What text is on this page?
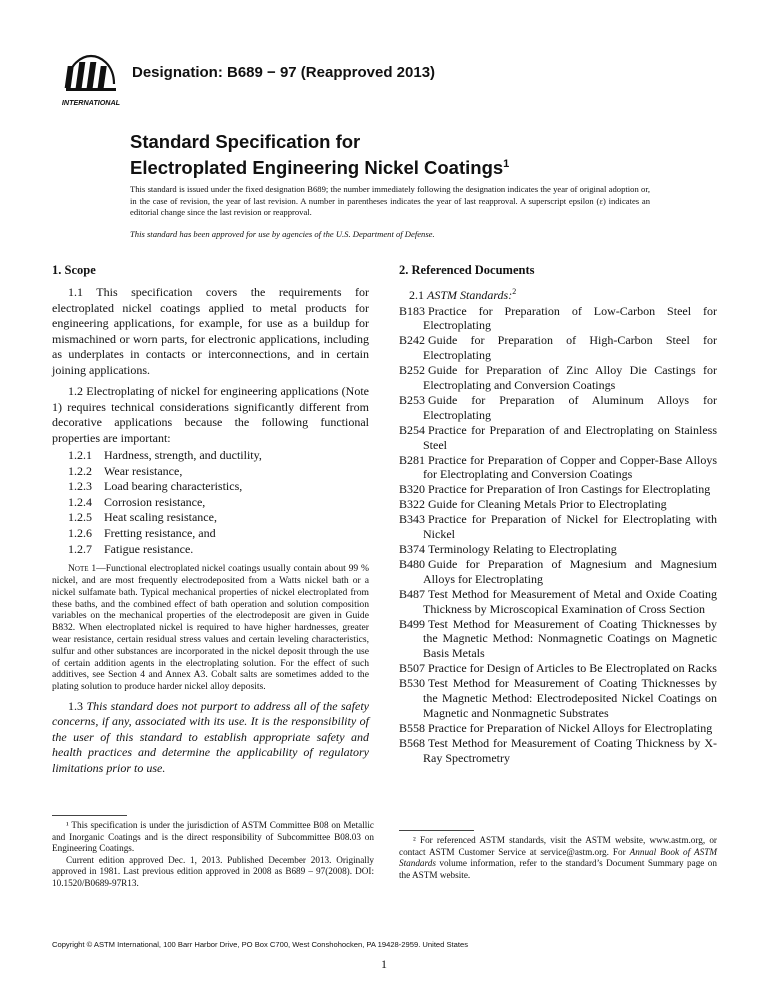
INTERNATIONAL
Designation: B689 − 97 (Reapproved 2013)
Standard Specification for
Electroplated Engineering Nickel Coatings$^1$
This standard is issued under the fixed designation B689; the number immediately following the designation indicates the year of original adoption or, in the case of revision, the year of last revision. A number in parentheses indicates the year of last reapproval. A superscript epsilon (ε) indicates an editorial change since the last revision or reapproval.
This standard has been approved for use by agencies of the U.S. Department of Defense.

1. Scope

1.1 This specification covers the requirements for electroplated nickel coatings applied to metal products for engineering applications, for example, for use as a buildup for mismachined or worn parts, for electronic applications, including as underplates in contacts or interconnections, and in certain joining applications.

1.2 Electroplating of nickel for engineering applications (Note 1) requires technical considerations significantly different from decorative applications because the following functional properties are important:

1.2.1 Hardness, strength, and ductility,

1.2.2 Wear resistance,

1.2.3 Load bearing characteristics,

1.2.4 Corrosion resistance,

1.2.5 Heat scaling resistance,

1.2.6 Fretting resistance, and

1.2.7 Fatigue resistance.

Note 1—Functional electroplated nickel coatings usually contain about 99 % nickel, and are most frequently electrodeposited from a Watts nickel bath or a nickel sulfamate bath. Typical mechanical properties of nickel electroplated from these baths, and the combined effect of bath operation and solution composition variables on the mechanical properties of the electrodeposit are given in Guide B832. When electroplated nickel is required to have higher hardnesses, greater wear resistance, certain residual stress values and certain leveling characteristics, sulfur and other substances are incorporated in the nickel deposit through the use of certain addition agents in the electroplating solution. For the effect of such additives, see Section 4 and Annex A3. Cobalt salts are sometimes added to the plating solution to produce harder nickel alloy deposits.

1.3 This standard does not purport to address all of the safety concerns, if any, associated with its use. It is the responsibility of the user of this standard to establish appropriate safety and health practices and determine the applicability of regulatory limitations prior to use.

¹ This specification is under the jurisdiction of ASTM Committee B08 on Metallic and Inorganic Coatings and is the direct responsibility of Subcommittee B08.03 on Engineering Coatings.

Current edition approved Dec. 1, 2013. Published December 2013. Originally approved in 1981. Last previous edition approved in 2008 as B689 – 97(2008). DOI: 10.1520/B0689-97R13.

2. Referenced Documents

2.1 ASTM Standards:$^2$

B183 Practice for Preparation of Low-Carbon Steel for Electroplating

B242 Guide for Preparation of High-Carbon Steel for Electroplating

B252 Guide for Preparation of Zinc Alloy Die Castings for Electroplating and Conversion Coatings

B253 Guide for Preparation of Aluminum Alloys for Electroplating

B254 Practice for Preparation of and Electroplating on Stainless Steel

B281 Practice for Preparation of Copper and Copper-Base Alloys for Electroplating and Conversion Coatings

B320 Practice for Preparation of Iron Castings for Electroplating

B322 Guide for Cleaning Metals Prior to Electroplating

B343 Practice for Preparation of Nickel for Electroplating with Nickel

B374 Terminology Relating to Electroplating

B480 Guide for Preparation of Magnesium and Magnesium Alloys for Electroplating

B487 Test Method for Measurement of Metal and Oxide Coating Thickness by Microscopical Examination of Cross Section

B499 Test Method for Measurement of Coating Thicknesses by the Magnetic Method: Nonmagnetic Coatings on Magnetic Basis Metals

B507 Practice for Design of Articles to Be Electroplated on Racks

B530 Test Method for Measurement of Coating Thicknesses by the Magnetic Method: Electrodeposited Nickel Coatings on Magnetic and Nonmagnetic Substrates

B558 Practice for Preparation of Nickel Alloys for Electroplating

B568 Test Method for Measurement of Coating Thickness by X-Ray Spectrometry

² For referenced ASTM standards, visit the ASTM website, www.astm.org, or contact ASTM Customer Service at service@astm.org. For Annual Book of ASTM Standards volume information, refer to the standard’s Document Summary page on the ASTM website.

Copyright © ASTM International, 100 Barr Harbor Drive, PO Box C700, West Conshohocken, PA 19428-2959. United States
1
